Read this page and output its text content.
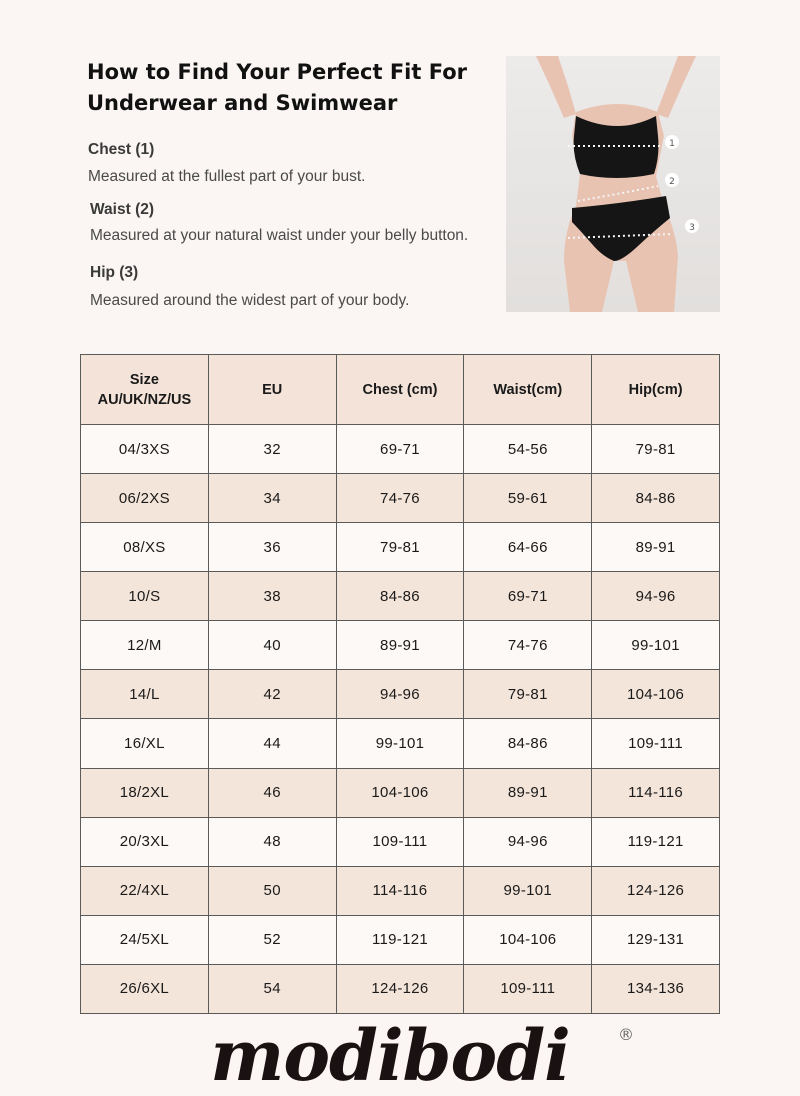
How to Find Your Perfect Fit For
Underwear and Swimwear
Chest (1)
Measured at the fullest part of your bust.
Waist (2)
Measured at your natural waist under your belly button.
Hip (3)
Measured around the widest part of your body.
1
2
3
Size
AU/UK/NZ/US	EU	Chest (cm)	Waist(cm)	Hip(cm)
04/3XS	32	69-71	54-56	79-81
06/2XS	34	74-76	59-61	84-86
08/XS	36	79-81	64-66	89-91
10/S	38	84-86	69-71	94-96
12/M	40	89-91	74-76	99-101
14/L	42	94-96	79-81	104-106
16/XL	44	99-101	84-86	109-111
18/2XL	46	104-106	89-91	114-116
20/3XL	48	109-111	94-96	119-121
22/4XL	50	114-116	99-101	124-126
24/5XL	52	119-121	104-106	129-131
26/6XL	54	124-126	109-111	134-136
modibodi	®
